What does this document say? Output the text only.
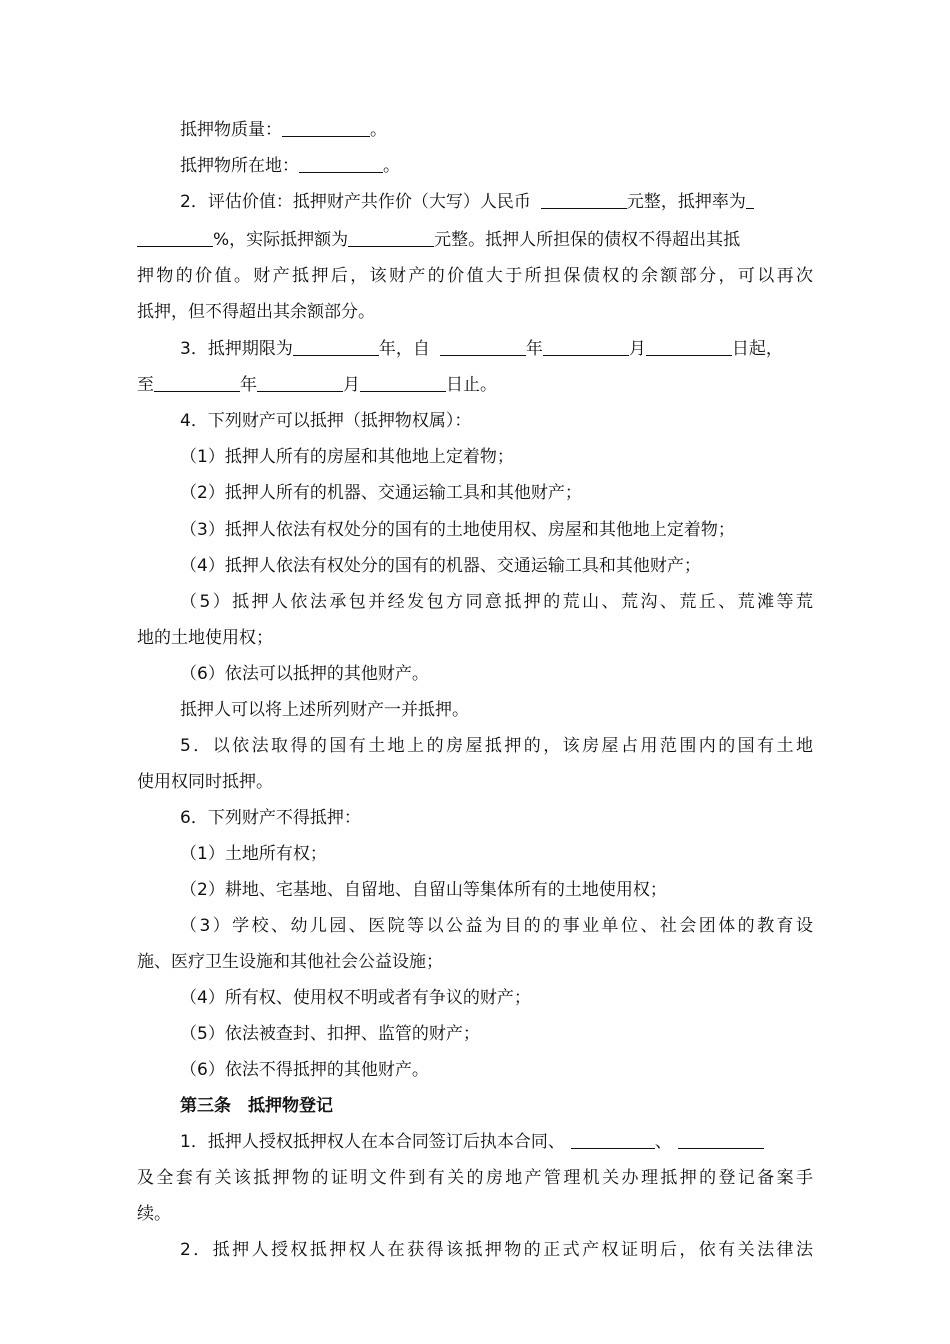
抵押物质量：	。
抵押物所在地：	。
2．评估价值：抵押财产共作价（大写）人民币	元整，抵押率为
%，实际抵押额为	元整。抵押人所担保的债权不得超出其抵
押物的价值。财产抵押后，该财产的价值大于所担保债权的余额部分，可以再次
抵押，但不得超出其余额部分。
3．抵押期限为	年，自	年	月	日起，
至	年	月	日止。
4．下列财产可以抵押（抵押物权属）：
（1）抵押人所有的房屋和其他地上定着物；
（2）抵押人所有的机器、交通运输工具和其他财产；
（3）抵押人依法有权处分的国有的土地使用权、房屋和其他地上定着物；
（4）抵押人依法有权处分的国有的机器、交通运输工具和其他财产；
（5）抵押人依法承包并经发包方同意抵押的荒山、荒沟、荒丘、荒滩等荒
地的土地使用权；
（6）依法可以抵押的其他财产。
抵押人可以将上述所列财产一并抵押。
5．以依法取得的国有土地上的房屋抵押的，该房屋占用范围内的国有土地
使用权同时抵押。
6．下列财产不得抵押：
（1）土地所有权；
（2）耕地、宅基地、自留地、自留山等集体所有的土地使用权；
（3）学校、幼儿园、医院等以公益为目的的事业单位、社会团体的教育设
施、医疗卫生设施和其他社会公益设施；
（4）所有权、使用权不明或者有争议的财产；
（5）依法被查封、扣押、监管的财产；
（6）依法不得抵押的其他财产。
第三条　抵押物登记
1．抵押人授权抵押权人在本合同签订后执本合同、	、
及全套有关该抵押物的证明文件到有关的房地产管理机关办理抵押的登记备案手
续。
2．抵押人授权抵押权人在获得该抵押物的正式产权证明后，依有关法律法
